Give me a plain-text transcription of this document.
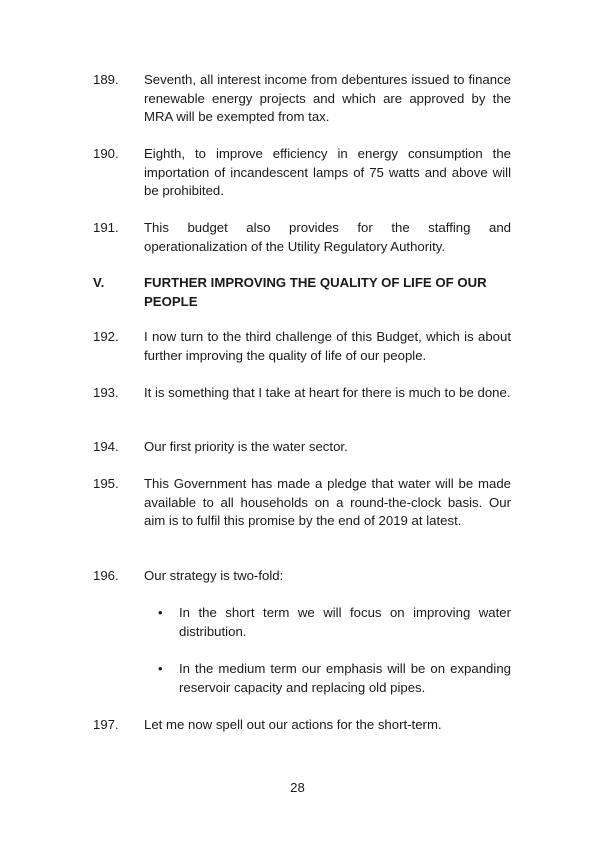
189. Seventh, all interest income from debentures issued to finance renewable energy projects and which are approved by the MRA will be exempted from tax.
190. Eighth, to improve efficiency in energy consumption the importation of incandescent lamps of 75 watts and above will be prohibited.
191. This budget also provides for the staffing and operationalization of the Utility Regulatory Authority.
V.	FURTHER IMPROVING THE QUALITY OF LIFE OF OUR PEOPLE
192. I now turn to the third challenge of this Budget, which is about further improving the quality of life of our people.
193. It is something that I take at heart for there is much to be done.
194. Our first priority is the water sector.
195. This Government has made a pledge that water will be made available to all households on a round-the-clock basis. Our aim is to fulfil this promise by the end of 2019 at latest.
196. Our strategy is two-fold:
• In the short term we will focus on improving water distribution.
• In the medium term our emphasis will be on expanding reservoir capacity and replacing old pipes.
197. Let me now spell out our actions for the short-term.
28
